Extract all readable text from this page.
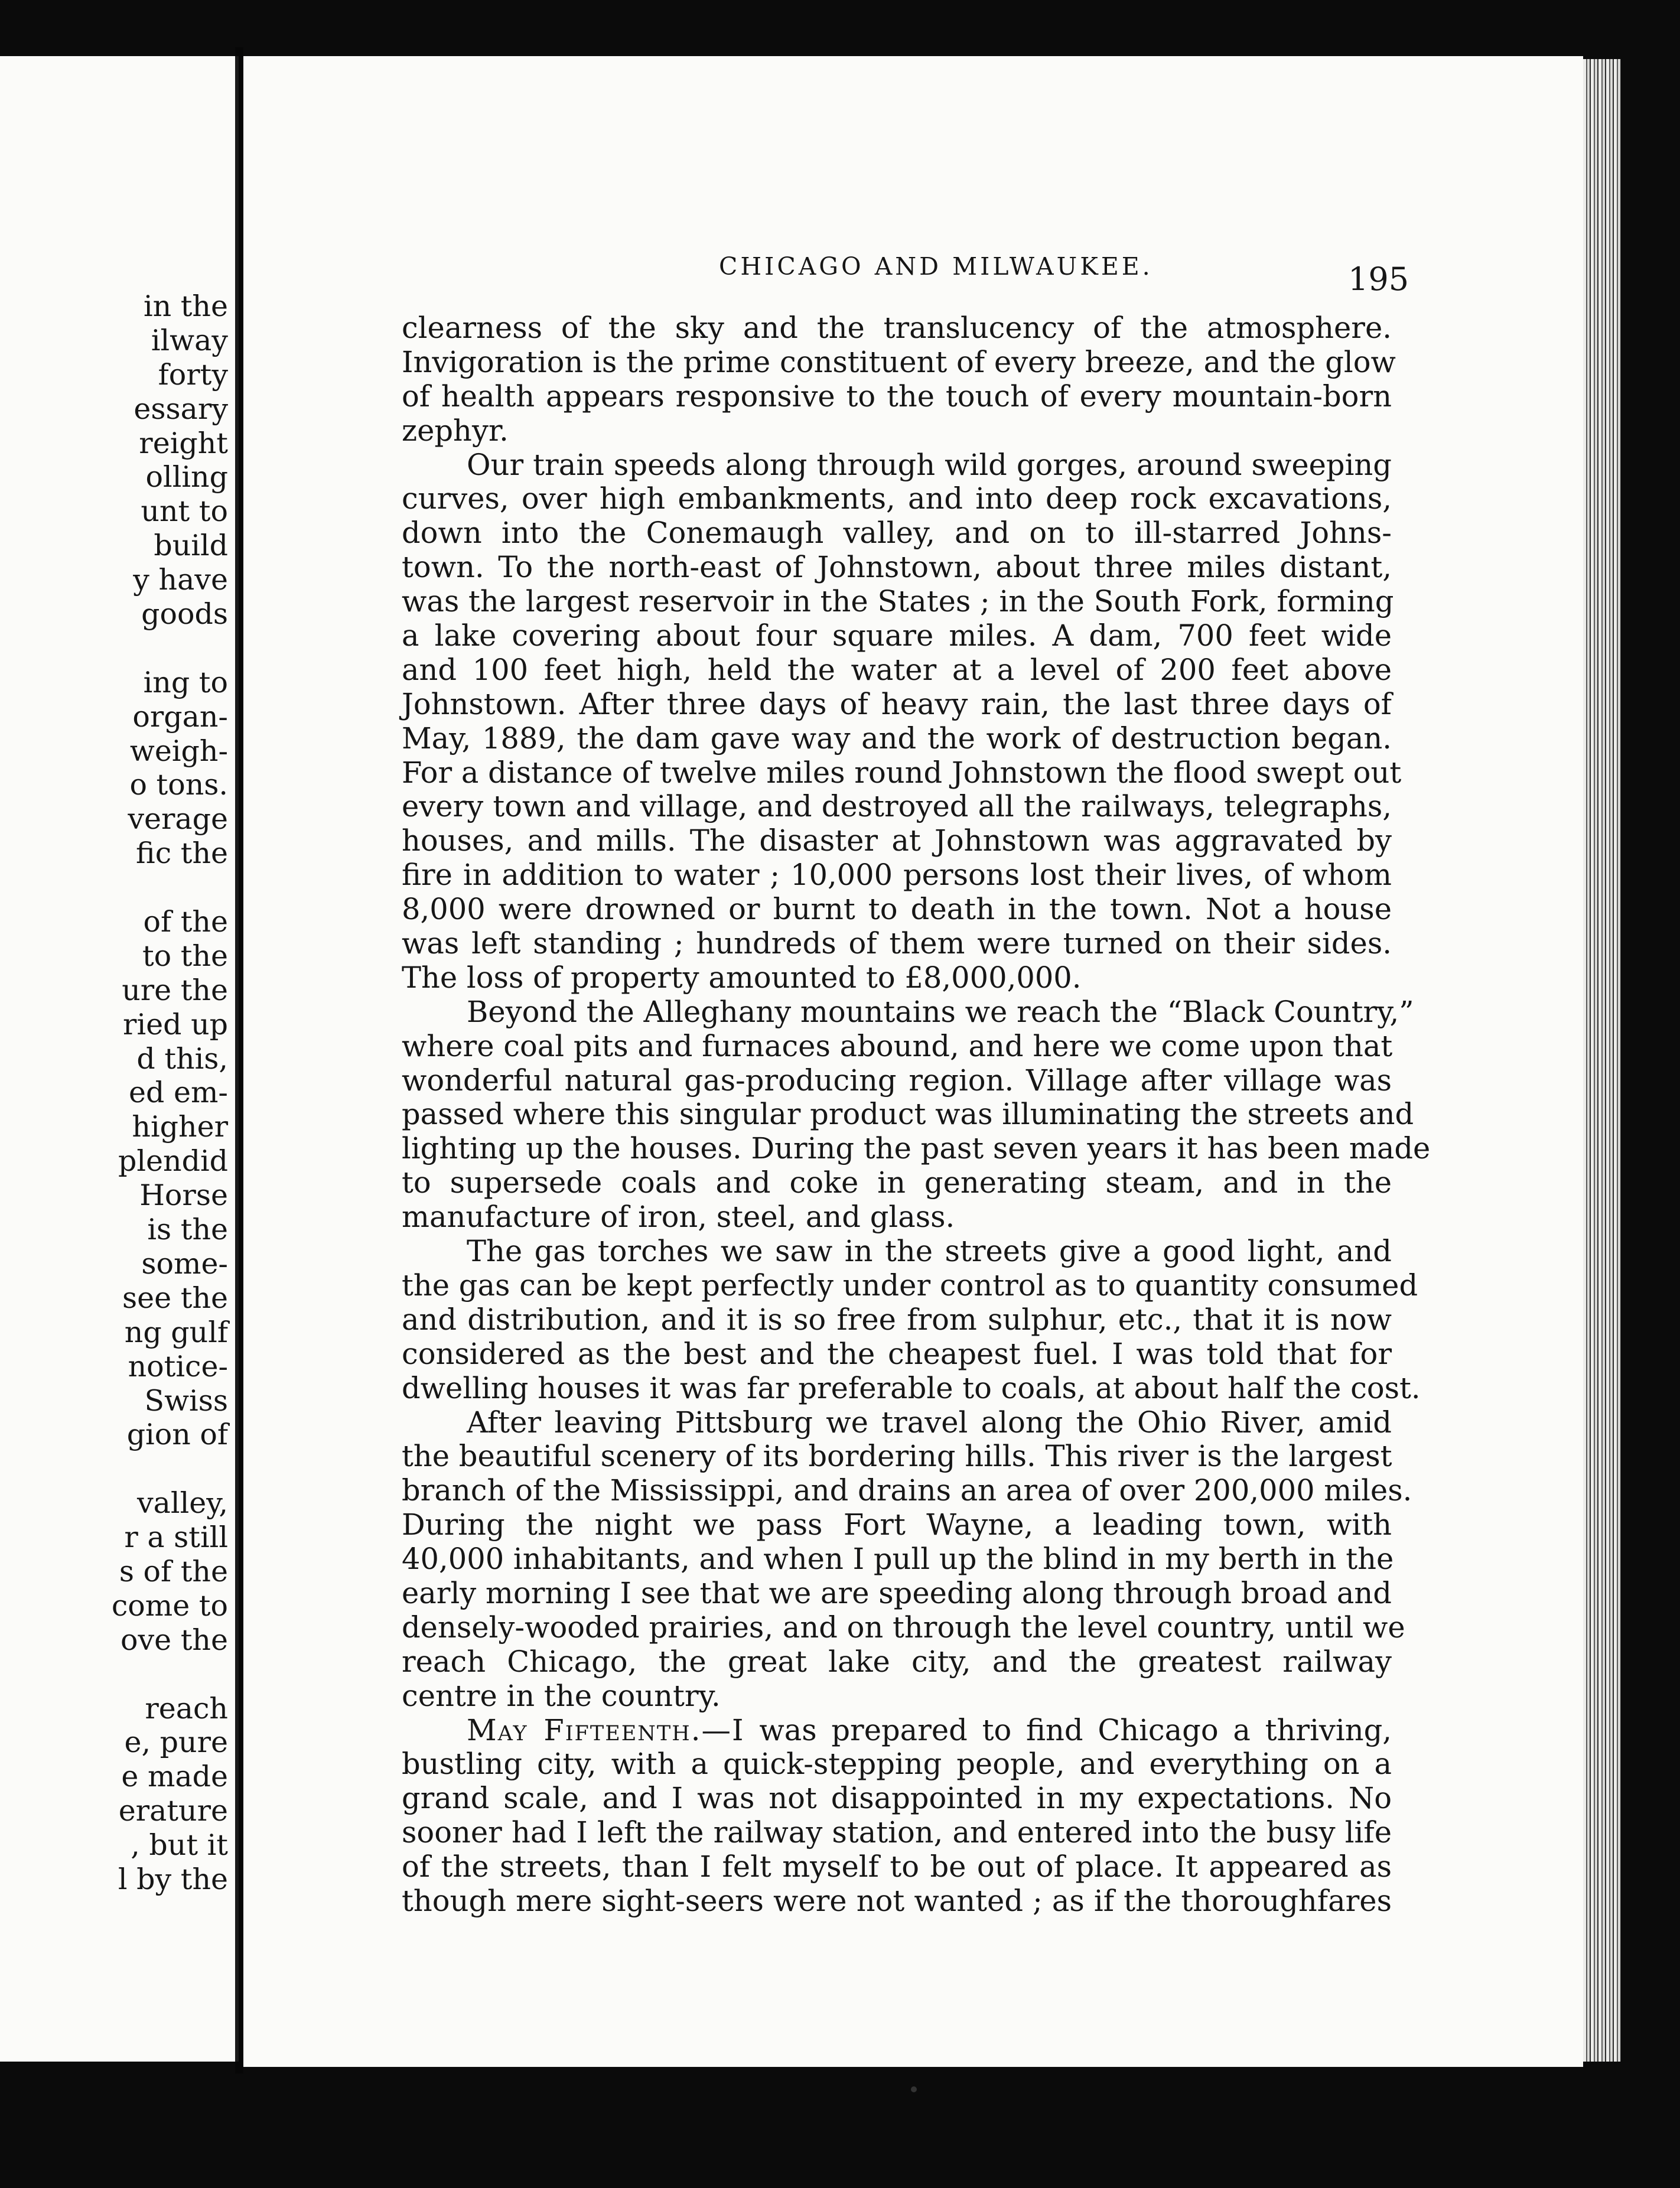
in the
ilway
forty
essary
reight
olling
unt to
build
y have
goods
ing to
organ-
weigh-
o tons.
verage
fic the
of the
to the
ure the
ried up
d this,
ed em-
higher
plendid
Horse
is the
some-
see the
ng gulf
notice-
Swiss
gion of
valley,
r a still
s of the
come to
ove the
reach
e, pure
e made
erature
, but it
l by the
CHICAGO AND MILWAUKEE.	195
clearness of the sky and the translucency of the atmosphere.
Invigoration is the prime constituent of every breeze, and the glow
of health appears responsive to the touch of every mountain-born
zephyr.
Our train speeds along through wild gorges, around sweeping
curves, over high embankments, and into deep rock excavations,
down into the Conemaugh valley, and on to ill-starred Johns-
town. To the north-east of Johnstown, about three miles distant,
was the largest reservoir in the States ; in the South Fork, forming
a lake covering about four square miles. A dam, 700 feet wide
and 100 feet high, held the water at a level of 200 feet above
Johnstown. After three days of heavy rain, the last three days of
May, 1889, the dam gave way and the work of destruction began.
For a distance of twelve miles round Johnstown the flood swept out
every town and village, and destroyed all the railways, telegraphs,
houses, and mills. The disaster at Johnstown was aggravated by
fire in addition to water ; 10,000 persons lost their lives, of whom
8,000 were drowned or burnt to death in the town. Not a house
was left standing ; hundreds of them were turned on their sides.
The loss of property amounted to £8,000,000.
Beyond the Alleghany mountains we reach the “Black Country,”
where coal pits and furnaces abound, and here we come upon that
wonderful natural gas-producing region. Village after village was
passed where this singular product was illuminating the streets and
lighting up the houses. During the past seven years it has been made
to supersede coals and coke in generating steam, and in the
manufacture of iron, steel, and glass.
The gas torches we saw in the streets give a good light, and
the gas can be kept perfectly under control as to quantity consumed
and distribution, and it is so free from sulphur, etc., that it is now
considered as the best and the cheapest fuel. I was told that for
dwelling houses it was far preferable to coals, at about half the cost.
After leaving Pittsburg we travel along the Ohio River, amid
the beautiful scenery of its bordering hills. This river is the largest
branch of the Mississippi, and drains an area of over 200,000 miles.
During the night we pass Fort Wayne, a leading town, with
40,000 inhabitants, and when I pull up the blind in my berth in the
early morning I see that we are speeding along through broad and
densely-wooded prairies, and on through the level country, until we
reach Chicago, the great lake city, and the greatest railway
centre in the country.
May Fifteenth.—I was prepared to find Chicago a thriving,
bustling city, with a quick-stepping people, and everything on a
grand scale, and I was not disappointed in my expectations. No
sooner had I left the railway station, and entered into the busy life
of the streets, than I felt myself to be out of place. It appeared as
though mere sight-seers were not wanted ; as if the thoroughfares
